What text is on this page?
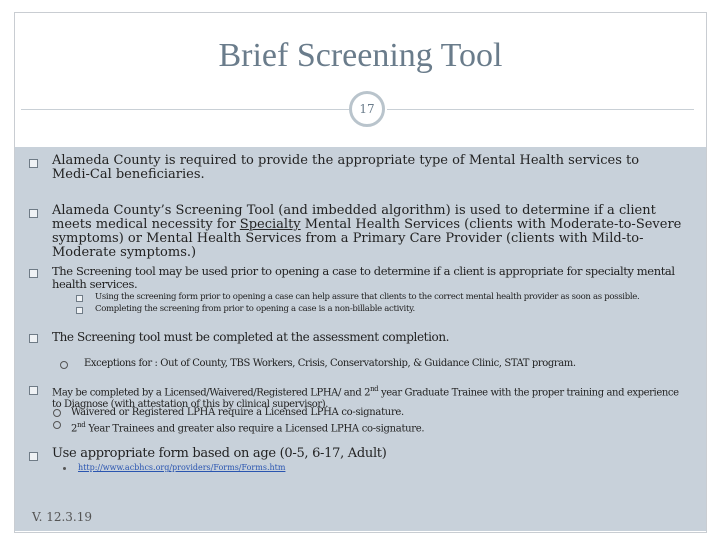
Brief Screening Tool
17
Alameda County is required to provide the appropriate type of Mental Health services to Medi-Cal beneficiaries.
Alameda County’s Screening Tool (and imbedded algorithm) is used to determine if a client meets medical necessity for Specialty Mental Health Services (clients with Moderate-to-Severe symptoms) or Mental Health Services from a Primary Care Provider (clients with Mild-to-Moderate symptoms.)
The Screening tool may be used prior to opening a case to determine if a client is appropriate for specialty mental health services.
Using the screening form prior to opening a case can help assure that clients to the correct mental health provider as soon as possible.
Completing the screening from prior to opening a case is a non-billable activity.
The Screening tool must be completed at the assessment completion.
Exceptions for : Out of County, TBS Workers, Crisis, Conservatorship, & Guidance Clinic, STAT program.
May be completed by a Licensed/Waivered/Registered LPHA/ and 2nd year Graduate Trainee with the proper training and experience to Diagnose (with attestation of this by clinical supervisor).
Waivered or Registered LPHA require a Licensed LPHA co-signature.
2nd Year Trainees and greater also require a Licensed LPHA co-signature.
Use appropriate form based on age (0-5, 6-17, Adult)
http://www.acbhcs.org/providers/Forms/Forms.htm
V. 12.3.19
